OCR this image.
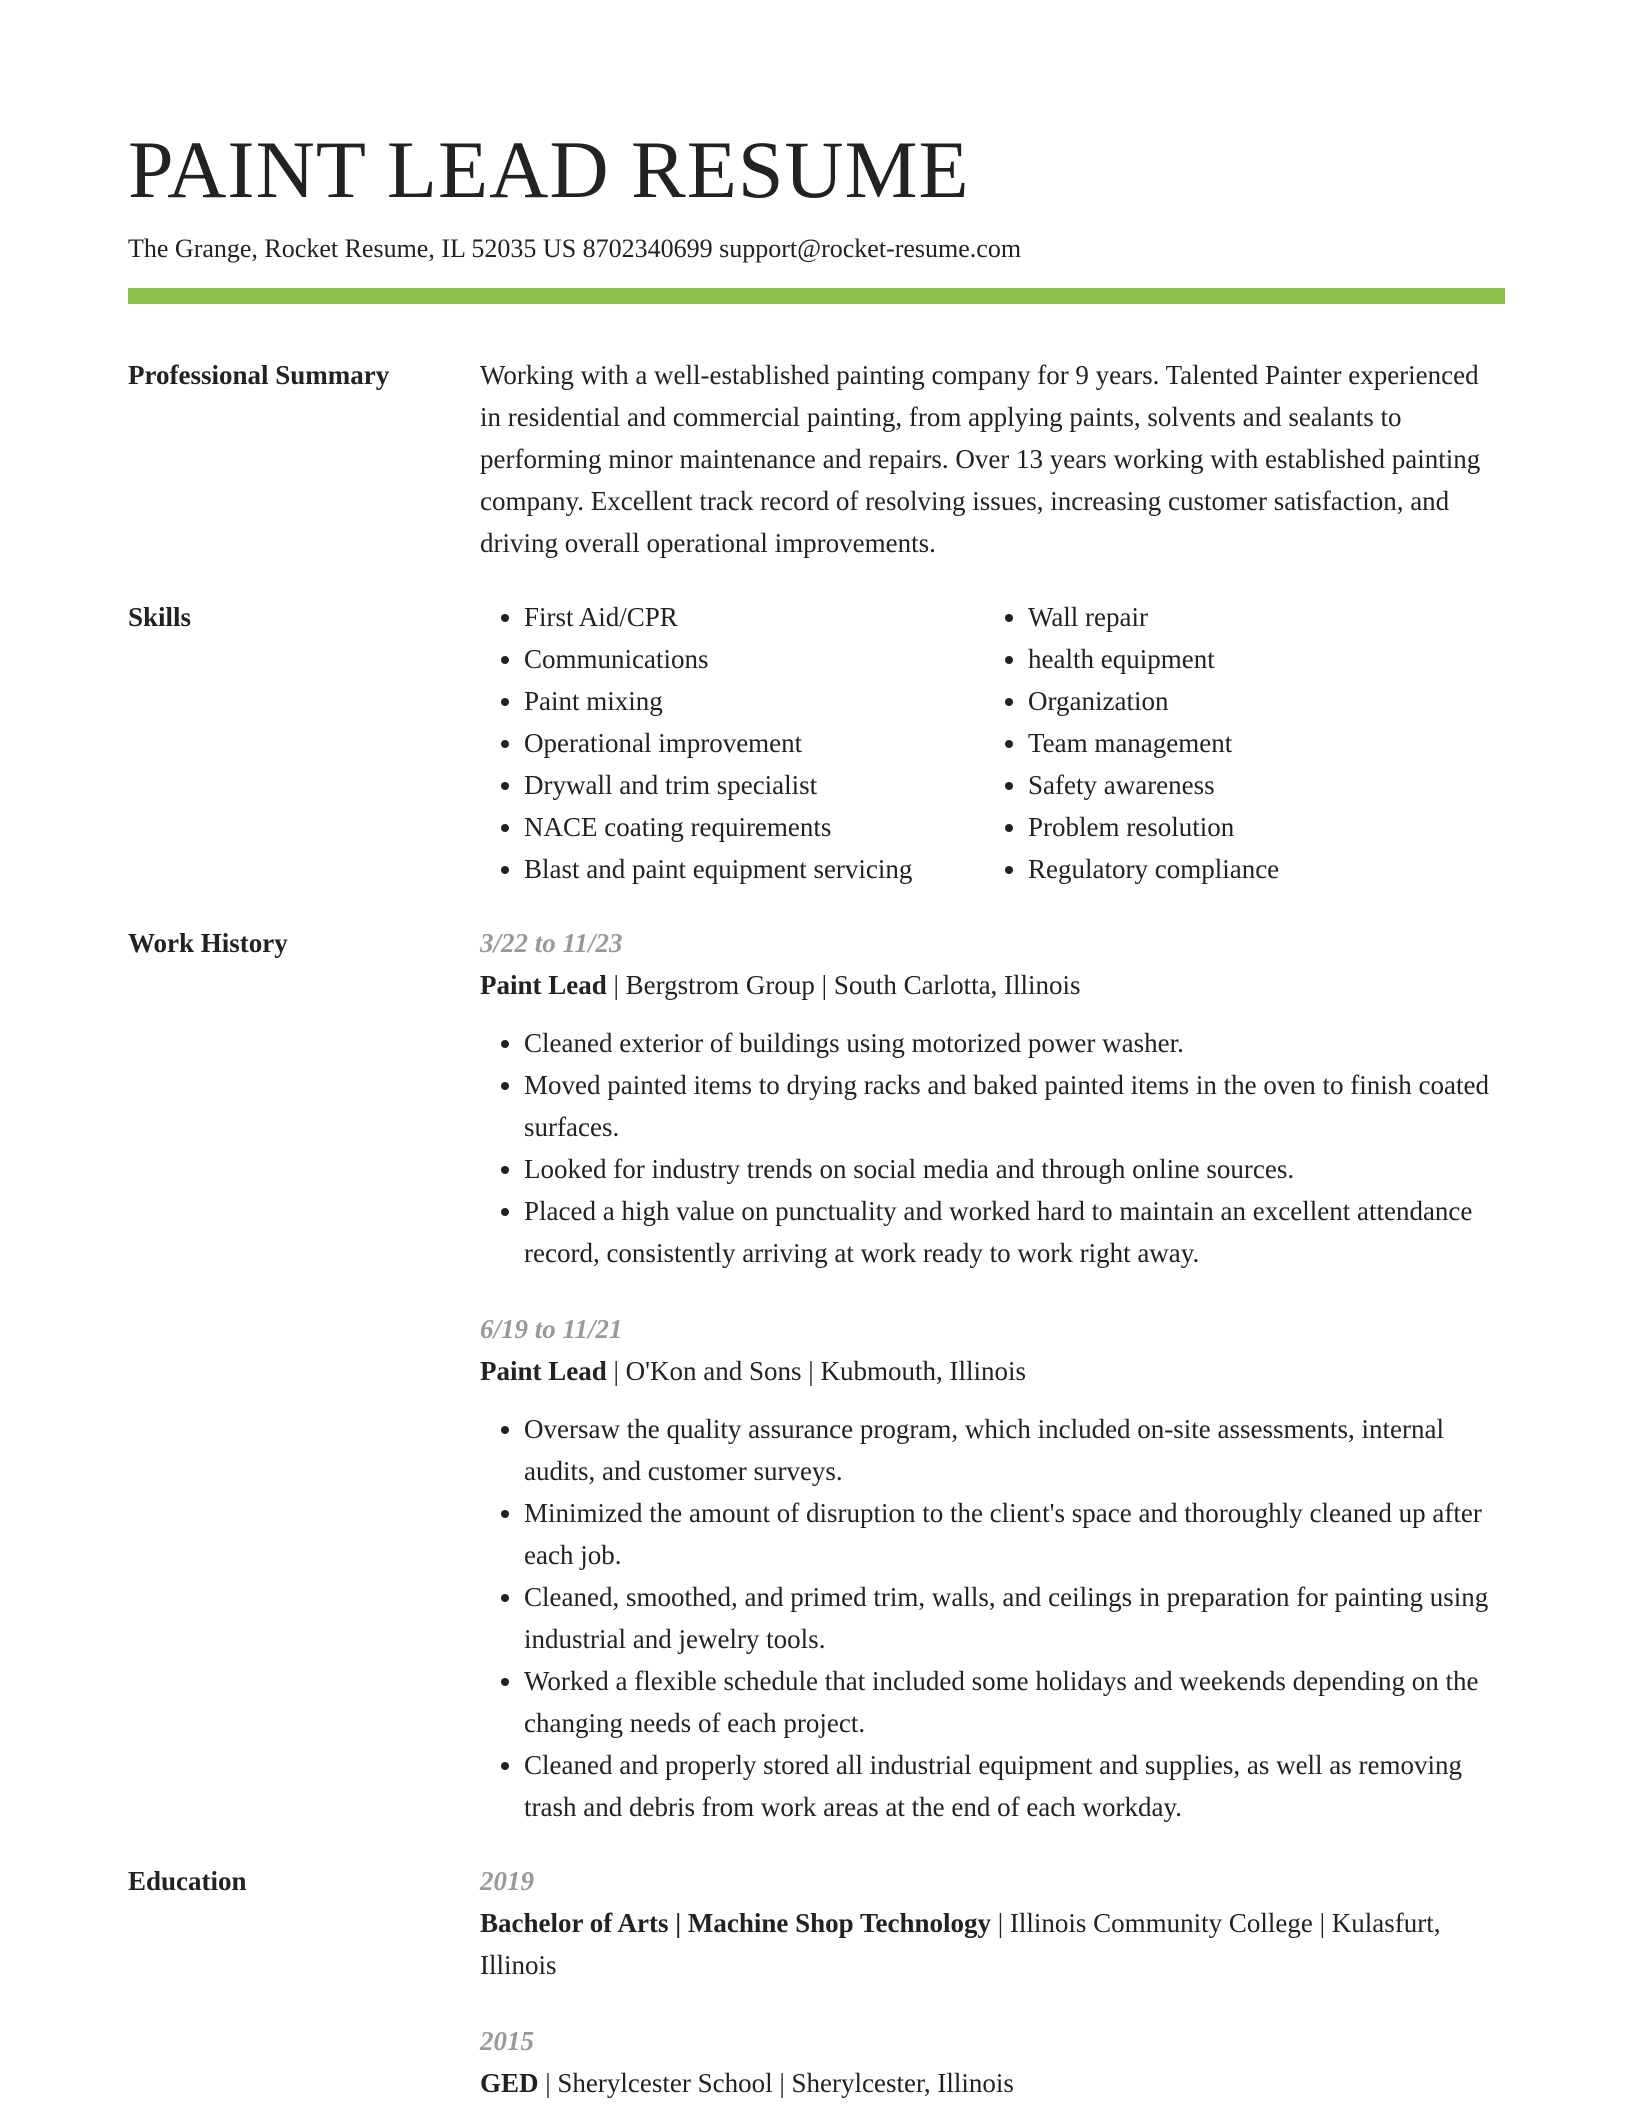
PAINT LEAD RESUME
The Grange, Rocket Resume, IL 52035 US 8702340699 support@rocket-resume.com
Professional Summary	Working with a well-established painting company for 9 years. Talented Painter experienced in residential and commercial painting, from applying paints, solvents and sealants to performing minor maintenance and repairs. Over 13 years working with established painting company. Excellent track record of resolving issues, increasing customer satisfaction, and driving overall operational improvements.

Skills
•	First Aid/CPR
• Communications
• Paint mixing
• Operational improvement
• Drywall and trim specialist
• NACE coating requirements
• Blast and paint equipment servicing
• Wall repair
• health equipment
• Organization
• Team management
• Safety awareness
• Problem resolution
• Regulatory compliance
Work History	3/22 to 11/23
Paint Lead | Bergstrom Group | South Carlotta, Illinois
• Cleaned exterior of buildings using motorized power washer.
• Moved painted items to drying racks and baked painted items in the oven to finish coated surfaces.
• Looked for industry trends on social media and through online sources.
• Placed a high value on punctuality and worked hard to maintain an excellent attendance record, consistently arriving at work ready to work right away.
6/19 to 11/21
Paint Lead | O'Kon and Sons | Kubmouth, Illinois
• Oversaw the quality assurance program, which included on-site assessments, internal audits, and customer surveys.
• Minimized the amount of disruption to the client's space and thoroughly cleaned up after each job.
• Cleaned, smoothed, and primed trim, walls, and ceilings in preparation for painting using industrial and jewelry tools.
• Worked a flexible schedule that included some holidays and weekends depending on the changing needs of each project.
• Cleaned and properly stored all industrial equipment and supplies, as well as removing trash and debris from work areas at the end of each workday.
Education	2019
Bachelor of Arts | Machine Shop Technology | Illinois Community College | Kulasfurt, Illinois
2015
GED | Sherylcester School | Sherylcester, Illinois
